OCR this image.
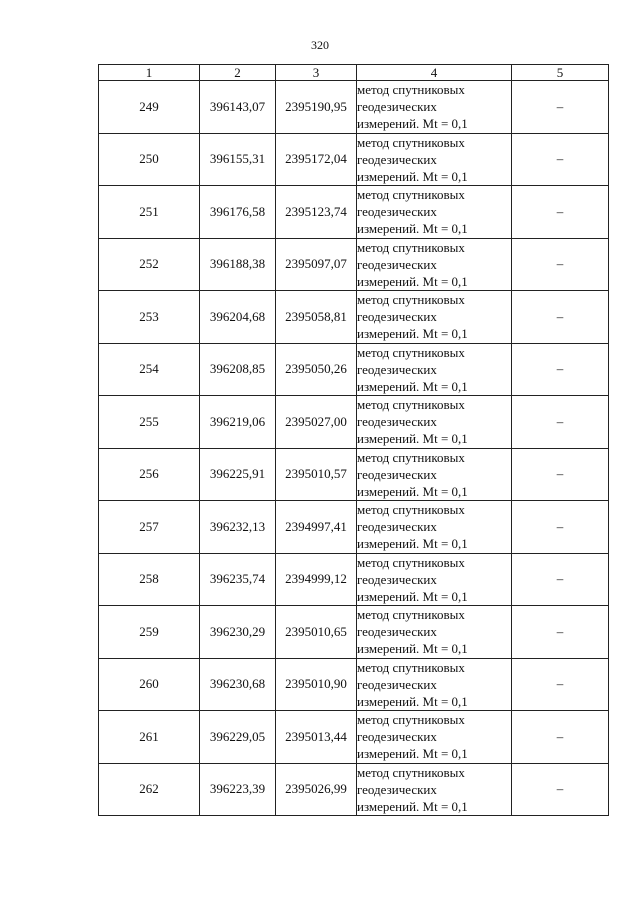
320
1	2	3	4	5
249	396143,07	2395190,95	метод спутниковых
геодезических
измерений. Mt = 0,1	–
250	396155,31	2395172,04	метод спутниковых
геодезических
измерений. Mt = 0,1	–
251	396176,58	2395123,74	метод спутниковых
геодезических
измерений. Mt = 0,1	–
252	396188,38	2395097,07	метод спутниковых
геодезических
измерений. Mt = 0,1	–
253	396204,68	2395058,81	метод спутниковых
геодезических
измерений. Mt = 0,1	–
254	396208,85	2395050,26	метод спутниковых
геодезических
измерений. Mt = 0,1	–
255	396219,06	2395027,00	метод спутниковых
геодезических
измерений. Mt = 0,1	–
256	396225,91	2395010,57	метод спутниковых
геодезических
измерений. Mt = 0,1	–
257	396232,13	2394997,41	метод спутниковых
геодезических
измерений. Mt = 0,1	–
258	396235,74	2394999,12	метод спутниковых
геодезических
измерений. Mt = 0,1	–
259	396230,29	2395010,65	метод спутниковых
геодезических
измерений. Mt = 0,1	–
260	396230,68	2395010,90	метод спутниковых
геодезических
измерений. Mt = 0,1	–
261	396229,05	2395013,44	метод спутниковых
геодезических
измерений. Mt = 0,1	–
262	396223,39	2395026,99	метод спутниковых
геодезических
измерений. Mt = 0,1	–
